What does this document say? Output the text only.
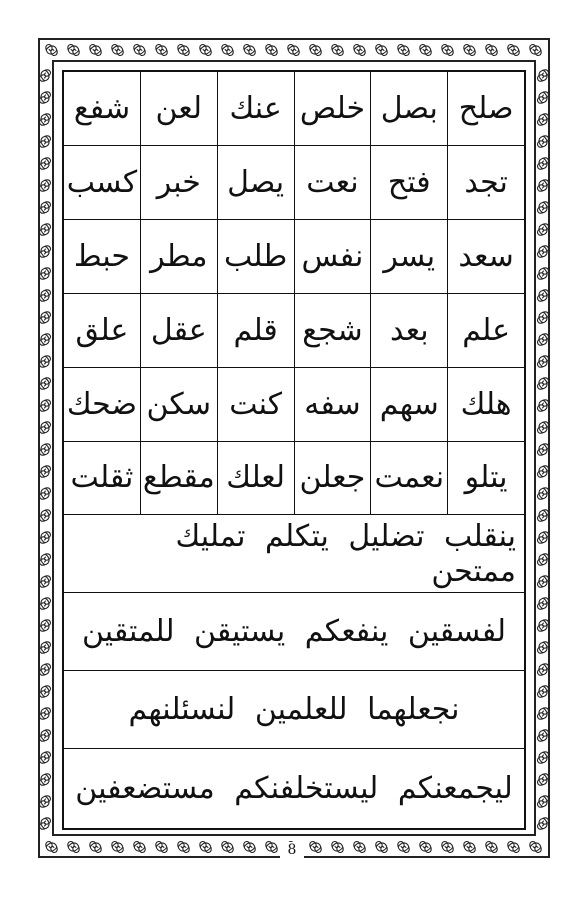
صلح
بصل
خلص
عنك
لعن
شفع
تجد
فتح
نعت
يصل
خبر
كسب
سعد
يسر
نفس
طلب
مطر
حبط
علم
بعد
شجع
قلم
عقل
علق
هلك
سهم
سفه
كنت
سكن
ضحك
يتلو
نعمت
جعلن
لعلك
مقطع
ثقلت
ينقلب تضليل يتكلم تمليك ممتحن
لفسقين ينفعكم يستيقن للمتقين
نجعلهما للعلمين لنسئلنهم
ليجمعنكم ليستخلفنكم مستضعفين
8
